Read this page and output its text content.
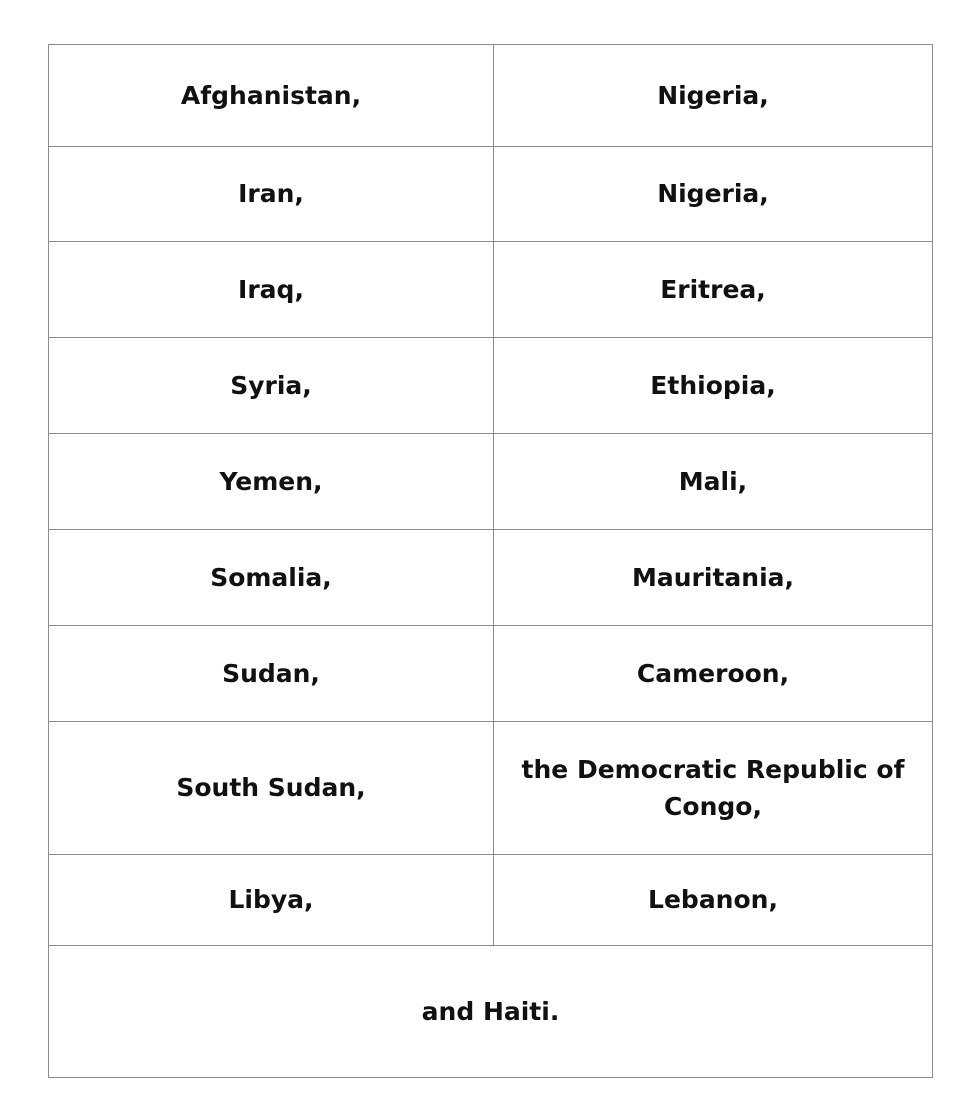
Afghanistan,	Nigeria,
Iran,	Nigeria,
Iraq,	Eritrea,
Syria,	Ethiopia,
Yemen,	Mali,
Somalia,	Mauritania,
Sudan,	Cameroon,
South Sudan,	the Democratic Republic of Congo,
Libya,	Lebanon,
and Haiti.	
